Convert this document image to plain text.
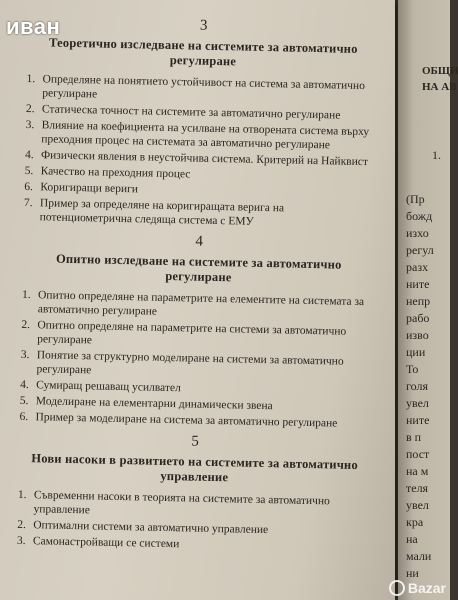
3
Теоретично изследване на системите за автоматично регулиране
1. Определяне на понятието устойчивост на система за автоматично регулиране
2. Статическа точност на системите за автоматично регулиране
3. Влияние на коефициента на усилване на отворената система върху преходния процес на системата за автоматично регулиране
4. Физически явления в неустойчива система. Критерий на Найквист
5. Качество на преходния процес
6. Коригиращи вериги
7. Пример за определяне на коригиращата верига на потенциометрична следяща система с ЕМУ
4
Опитно изследване на системите за автоматично регулиране
1. Опитно определяне на параметрите на елементите на системата за автоматично регулиране
2. Опитно определяне на параметрите на системи за автоматично регулиране
3. Понятие за структурно моделиране на системи за автоматично регулиране
4. Сумиращ решаващ усилвател
5. Моделиране на елементарни динамически звена
6. Пример за моделиране на система за автоматично регулиране
5
Нови насоки в развитието на системите за автоматично управление
1. Съвременни насоки в теорията на системите за автоматично управление
2. Оптимални системи за автоматично управление
3. Самонастройващи се системи
ОБЩИ
НА АВ
1.
(Пр
божд
изхо
регул
разх
ните
непр
рабо
изво
ции
То
голя
увел
ните
в п
пост
на м
теля
увел
кра
на
мали
ни
иван
Bazar
